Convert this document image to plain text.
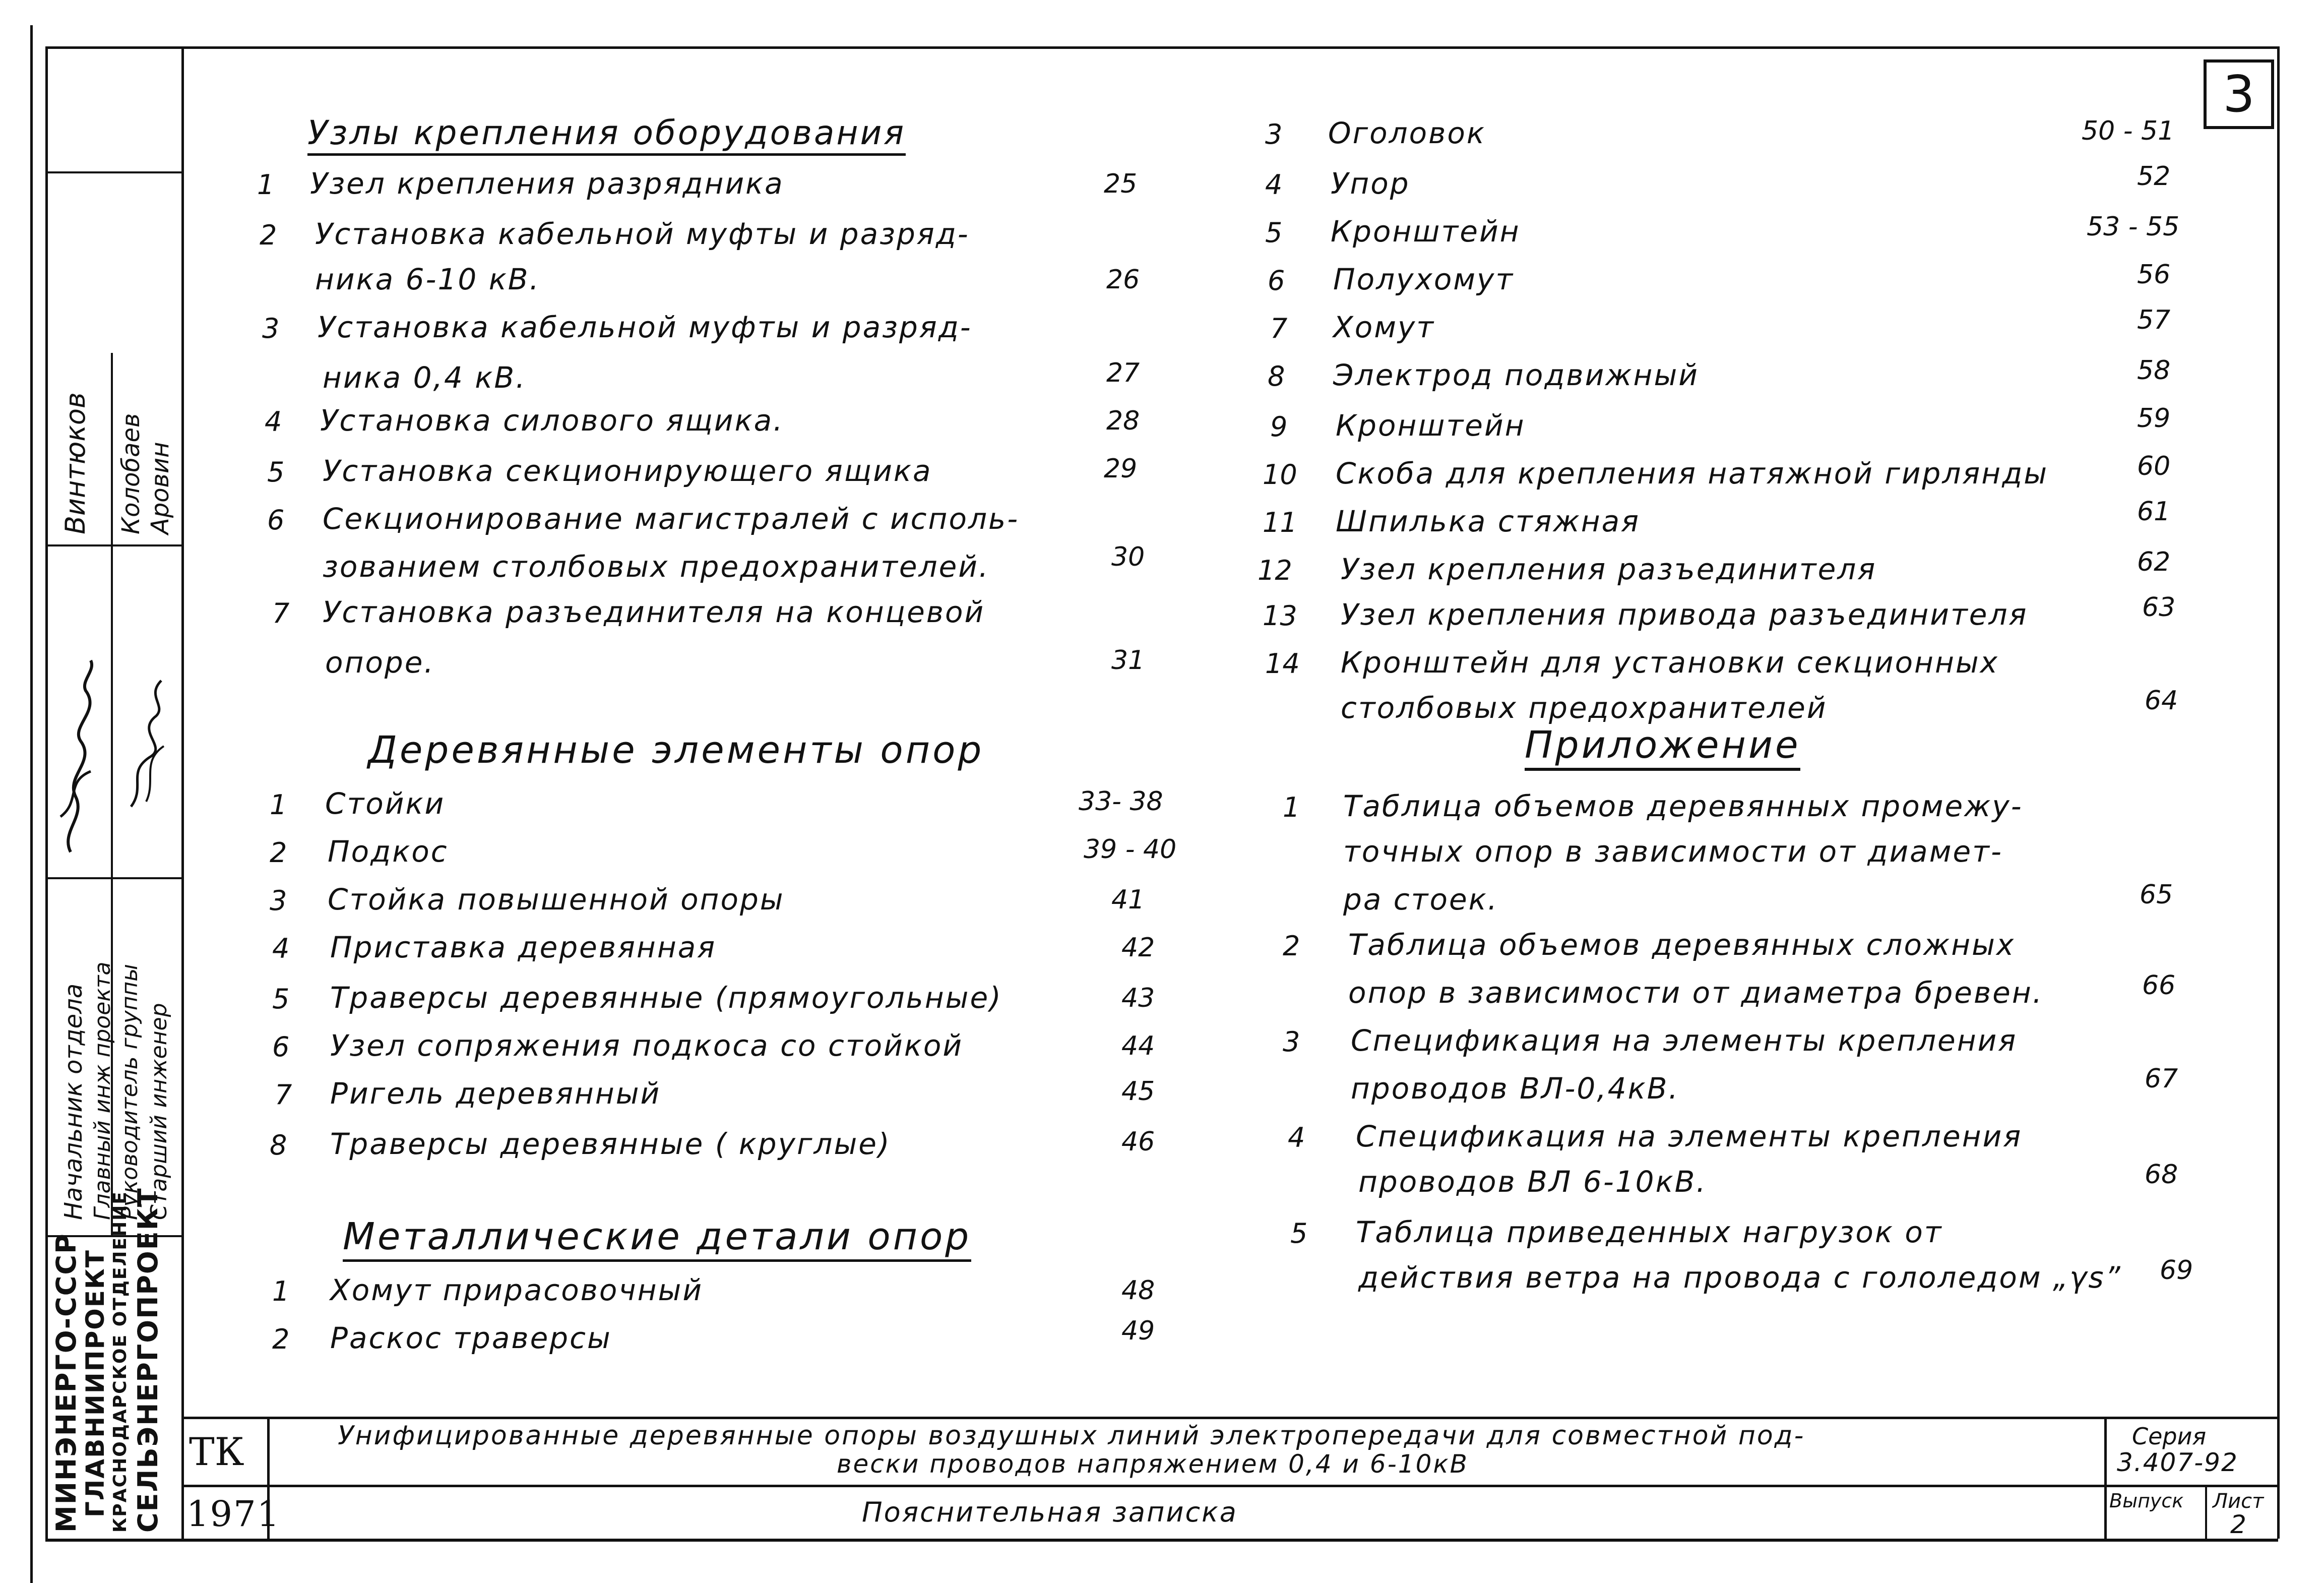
3
МИНЭНЕРГО-СССР
ГЛАВНИИПРОЕКТ КРАСНОДАРСКОЕ ОТДЕЛЕНИЕ СЕЛЬЭНЕРГОПРОЕКТ
Начальник отдела Главный инж проекта Руководитель группы Старший инженер
Винтюков Колобаев Аровин
Узлы крепления оборудования
1 Узел крепления разрядника	25
2 Установка кабельной муфты и разряд-
ника 6-10 кВ.	26
3 Установка кабельной муфты и разряд-
ника 0,4 кВ.	27
4 Установка силового ящика.	28
5 Установка секционирующего ящика	29
6 Секционирование магистралей с исполь-
зованием столбовых предохранителей.	30
7 Установка разъединителя на концевой
опоре.	31
Деревянные элементы опор
1 Стойки	33- 38
2 Подкос	39 - 40
3 Стойка повышенной опоры	41
4 Приставка деревянная	42
5 Траверсы деревянные (прямоугольные)	43
6 Узел сопряжения подкоса со стойкой	44
7 Ригель деревянный	45
8 Траверсы деревянные ( круглые)	46
Металлические детали опор
1 Хомут прирасовочный	48
2 Раскос траверсы	49
3 Оголовок	50 - 51
4 Упор	52
5 Кронштейн	53 - 55
6 Полухомут	56
7 Хомут	57
8 Электрод подвижный	58
9 Кронштейн	59
10 Скоба для крепления натяжной гирлянды	60
11 Шпилька стяжная	61
12 Узел крепления разъединителя	62
13 Узел крепления привода разъединителя	63
14 Кронштейн для установки секционных
столбовых предохранителей	64
Приложение
1 Таблица объемов деревянных промежу-
точных опор в зависимости от диамет-
ра стоек.	65
2 Таблица объемов деревянных сложных
опор в зависимости от диаметра бревен.	66
3 Спецификация на элементы крепления
проводов ВЛ-0,4кВ.	67
4 Спецификация на элементы крепления
проводов ВЛ 6-10кВ.	68
5 Таблица приведенных нагрузок от
действия ветра на провода с гололедом „γs” 69
ТК
1971
Унифицированные деревянные опоры воздушных линий электропередачи для совместной под-
вески проводов напряжением 0,4 и 6-10кВ
Пояснительная записка
Серия
3.407-92
Выпуск Лист
2
